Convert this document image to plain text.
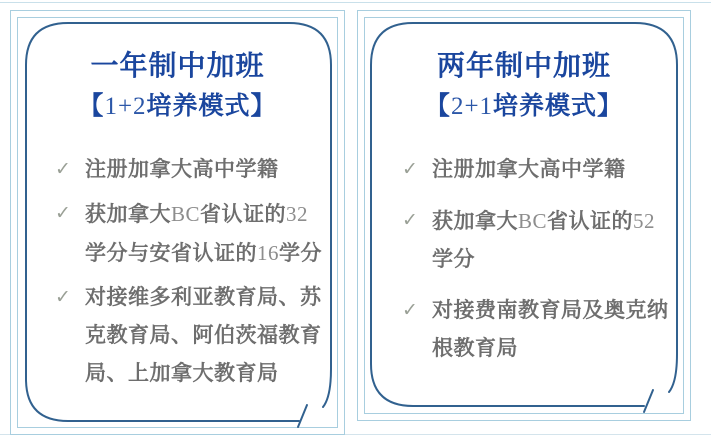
一年制中加班
【1+2培养模式】
✓ 注册加拿大高中学籍
✓ 获加拿大BC省认证的32学分与安省认证的16学分
✓ 对接维多利亚教育局、苏克教育局、阿伯茨福教育局、上加拿大教育局
两年制中加班
【2+1培养模式】
✓ 注册加拿大高中学籍
✓ 获加拿大BC省认证的52学分
✓ 对接费南教育局及奥克纳根教育局
